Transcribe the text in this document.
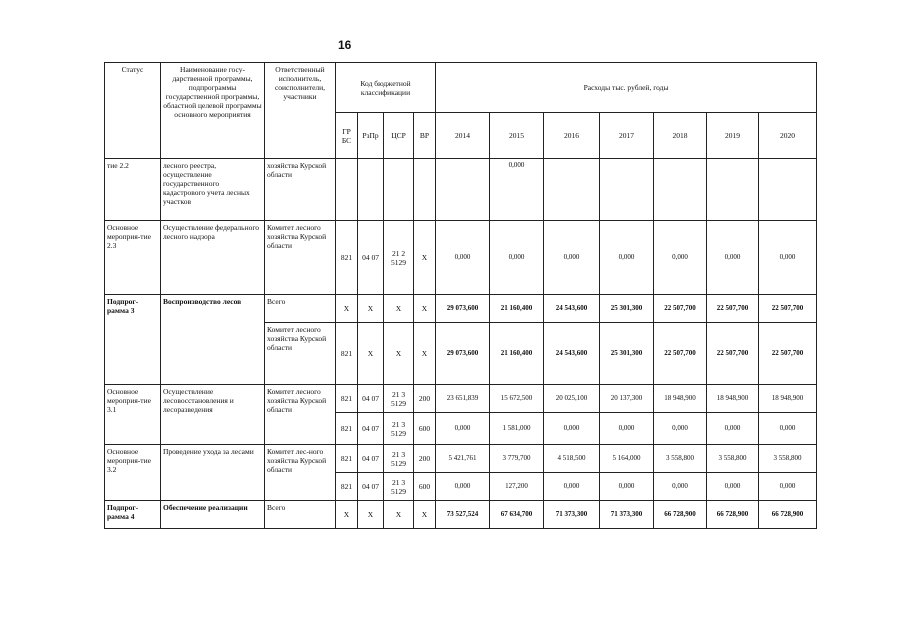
16
Статус	Наименование госу-дарственной программы, подпрограммы государственной программы, областной целевой программы основного мероприятия	Ответственный исполнитель, соисполнители, участники	Код бюджетной классификации				Расходы тыс. рублей, годы						
			ГР БС	РзПр	ЦСР	ВР	2014	2015	2016	2017	2018	2019	2020
тие 2.2	лесного реестра, осуществление государственного кадастрового учета лесных участков	хозяйства Курской области						0,000					
Основное мероприя-тие 2.3	Осуществление федерального лесного надзора	Комитет лесного хозяйства Курской области	821	04 07	21 2 5129	Х	0,000	0,000	0,000	0,000	0,000	0,000	0,000
Подпрог-рамма 3	Воспроизводство лесов	Всего	Х	Х	Х	Х	29 073,600	21 160,400	24 543,600	25 301,300	22 507,700	22 507,700	22 507,700
		Комитет лесного хозяйства Курской области	821	Х	Х	Х	29 073,600	21 160,400	24 543,600	25 301,300	22 507,700	22 507,700	22 507,700
Основное мероприя-тие 3.1	Осуществление лесовосстановления и лесоразведения	Комитет лесного хозяйства Курской области	821	04 07	21 3 5129	200	23 651,839	15 672,500	20 025,100	20 137,300	18 948,900	18 948,900	18 948,900
			821	04 07	21 3 5129	600	0,000	1 581,000	0,000	0,000	0,000	0,000	0,000
Основное мероприя-тие 3.2	Проведение ухода за лесами	Комитет лес-ного хозяйства Курской области	821	04 07	21 3 5129	200	5 421,761	3 779,700	4 518,500	5 164,000	3 558,800	3 558,800	3 558,800
			821	04 07	21 3 5129	600	0,000	127,200	0,000	0,000	0,000	0,000	0,000
Подпрог-рамма 4	Обеспечение реализации	Всего	Х	Х	Х	Х	73 527,524	67 634,700	71 373,300	71 373,300	66 728,900	66 728,900	66 728,900
